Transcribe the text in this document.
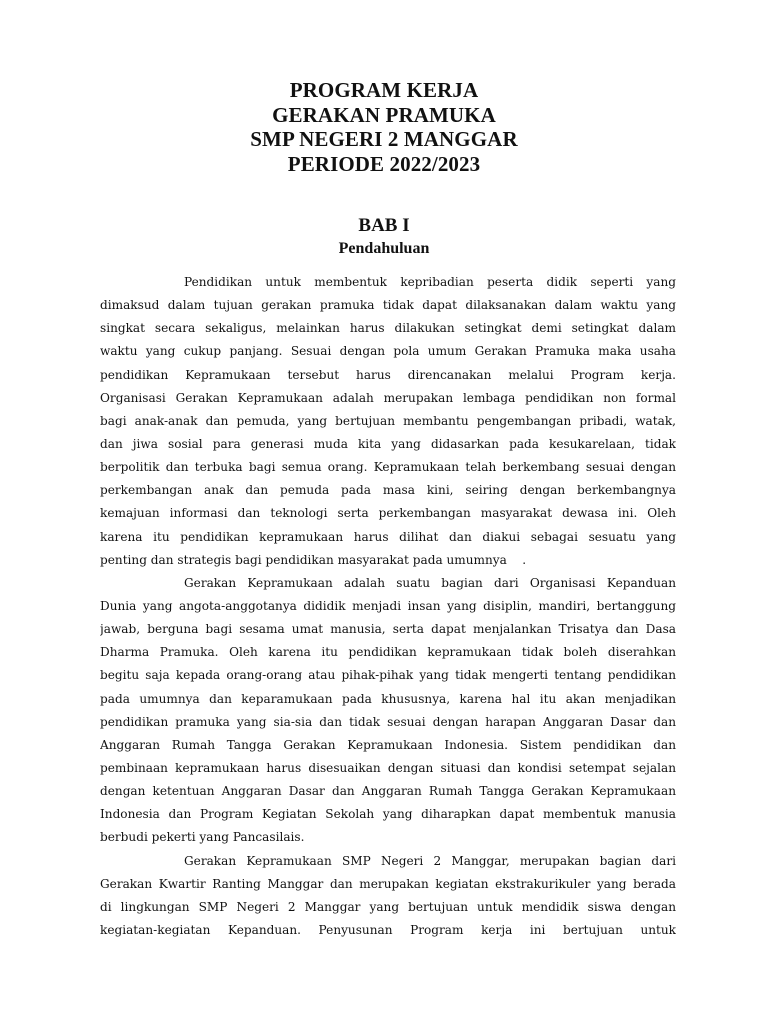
PROGRAM KERJA
GERAKAN PRAMUKA
SMP NEGERI 2 MANGGAR
PERIODE 2022/2023
BAB I
Pendahuluan
Pendidikan untuk membentuk kepribadian peserta didik seperti yang
dimaksud dalam tujuan gerakan pramuka tidak dapat dilaksanakan dalam waktu yang
singkat secara sekaligus, melainkan harus dilakukan setingkat demi setingkat dalam
waktu yang cukup panjang. Sesuai dengan pola umum Gerakan Pramuka maka usaha
pendidikan Kepramukaan tersebut harus direncanakan melalui Program kerja.
Organisasi Gerakan Kepramukaan adalah merupakan lembaga pendidikan non formal
bagi anak-anak dan pemuda, yang bertujuan membantu pengembangan pribadi, watak,
dan jiwa sosial para generasi muda kita yang didasarkan pada kesukarelaan, tidak
berpolitik dan terbuka bagi semua orang. Kepramukaan telah berkembang sesuai dengan
perkembangan anak dan pemuda pada masa kini, seiring dengan berkembangnya
kemajuan informasi dan teknologi serta perkembangan masyarakat dewasa ini. Oleh
karena itu pendidikan kepramukaan harus dilihat dan diakui sebagai sesuatu yang
penting dan strategis bagi pendidikan masyarakat pada umumnya    .
Gerakan Kepramukaan adalah suatu bagian dari Organisasi Kepanduan
Dunia yang angota-anggotanya dididik menjadi insan yang disiplin, mandiri, bertanggung
jawab, berguna bagi sesama umat manusia, serta dapat menjalankan Trisatya dan Dasa
Dharma Pramuka. Oleh karena itu pendidikan kepramukaan tidak boleh diserahkan
begitu saja kepada orang-orang atau pihak-pihak yang tidak mengerti tentang pendidikan
pada umumnya dan keparamukaan pada khususnya, karena hal itu akan menjadikan
pendidikan pramuka yang sia-sia dan tidak sesuai dengan harapan Anggaran Dasar dan
Anggaran Rumah Tangga Gerakan Kepramukaan Indonesia. Sistem pendidikan dan
pembinaan kepramukaan harus disesuaikan dengan situasi dan kondisi setempat sejalan
dengan ketentuan Anggaran Dasar dan Anggaran Rumah Tangga Gerakan Kepramukaan
Indonesia dan Program Kegiatan Sekolah yang diharapkan dapat membentuk manusia
berbudi pekerti yang Pancasilais.
Gerakan Kepramukaan SMP Negeri 2 Manggar, merupakan bagian dari
Gerakan Kwartir Ranting Manggar dan merupakan kegiatan ekstrakurikuler yang berada
di lingkungan SMP Negeri 2 Manggar yang bertujuan untuk mendidik siswa dengan
kegiatan-kegiatan Kepanduan. Penyusunan Program kerja ini bertujuan untuk
